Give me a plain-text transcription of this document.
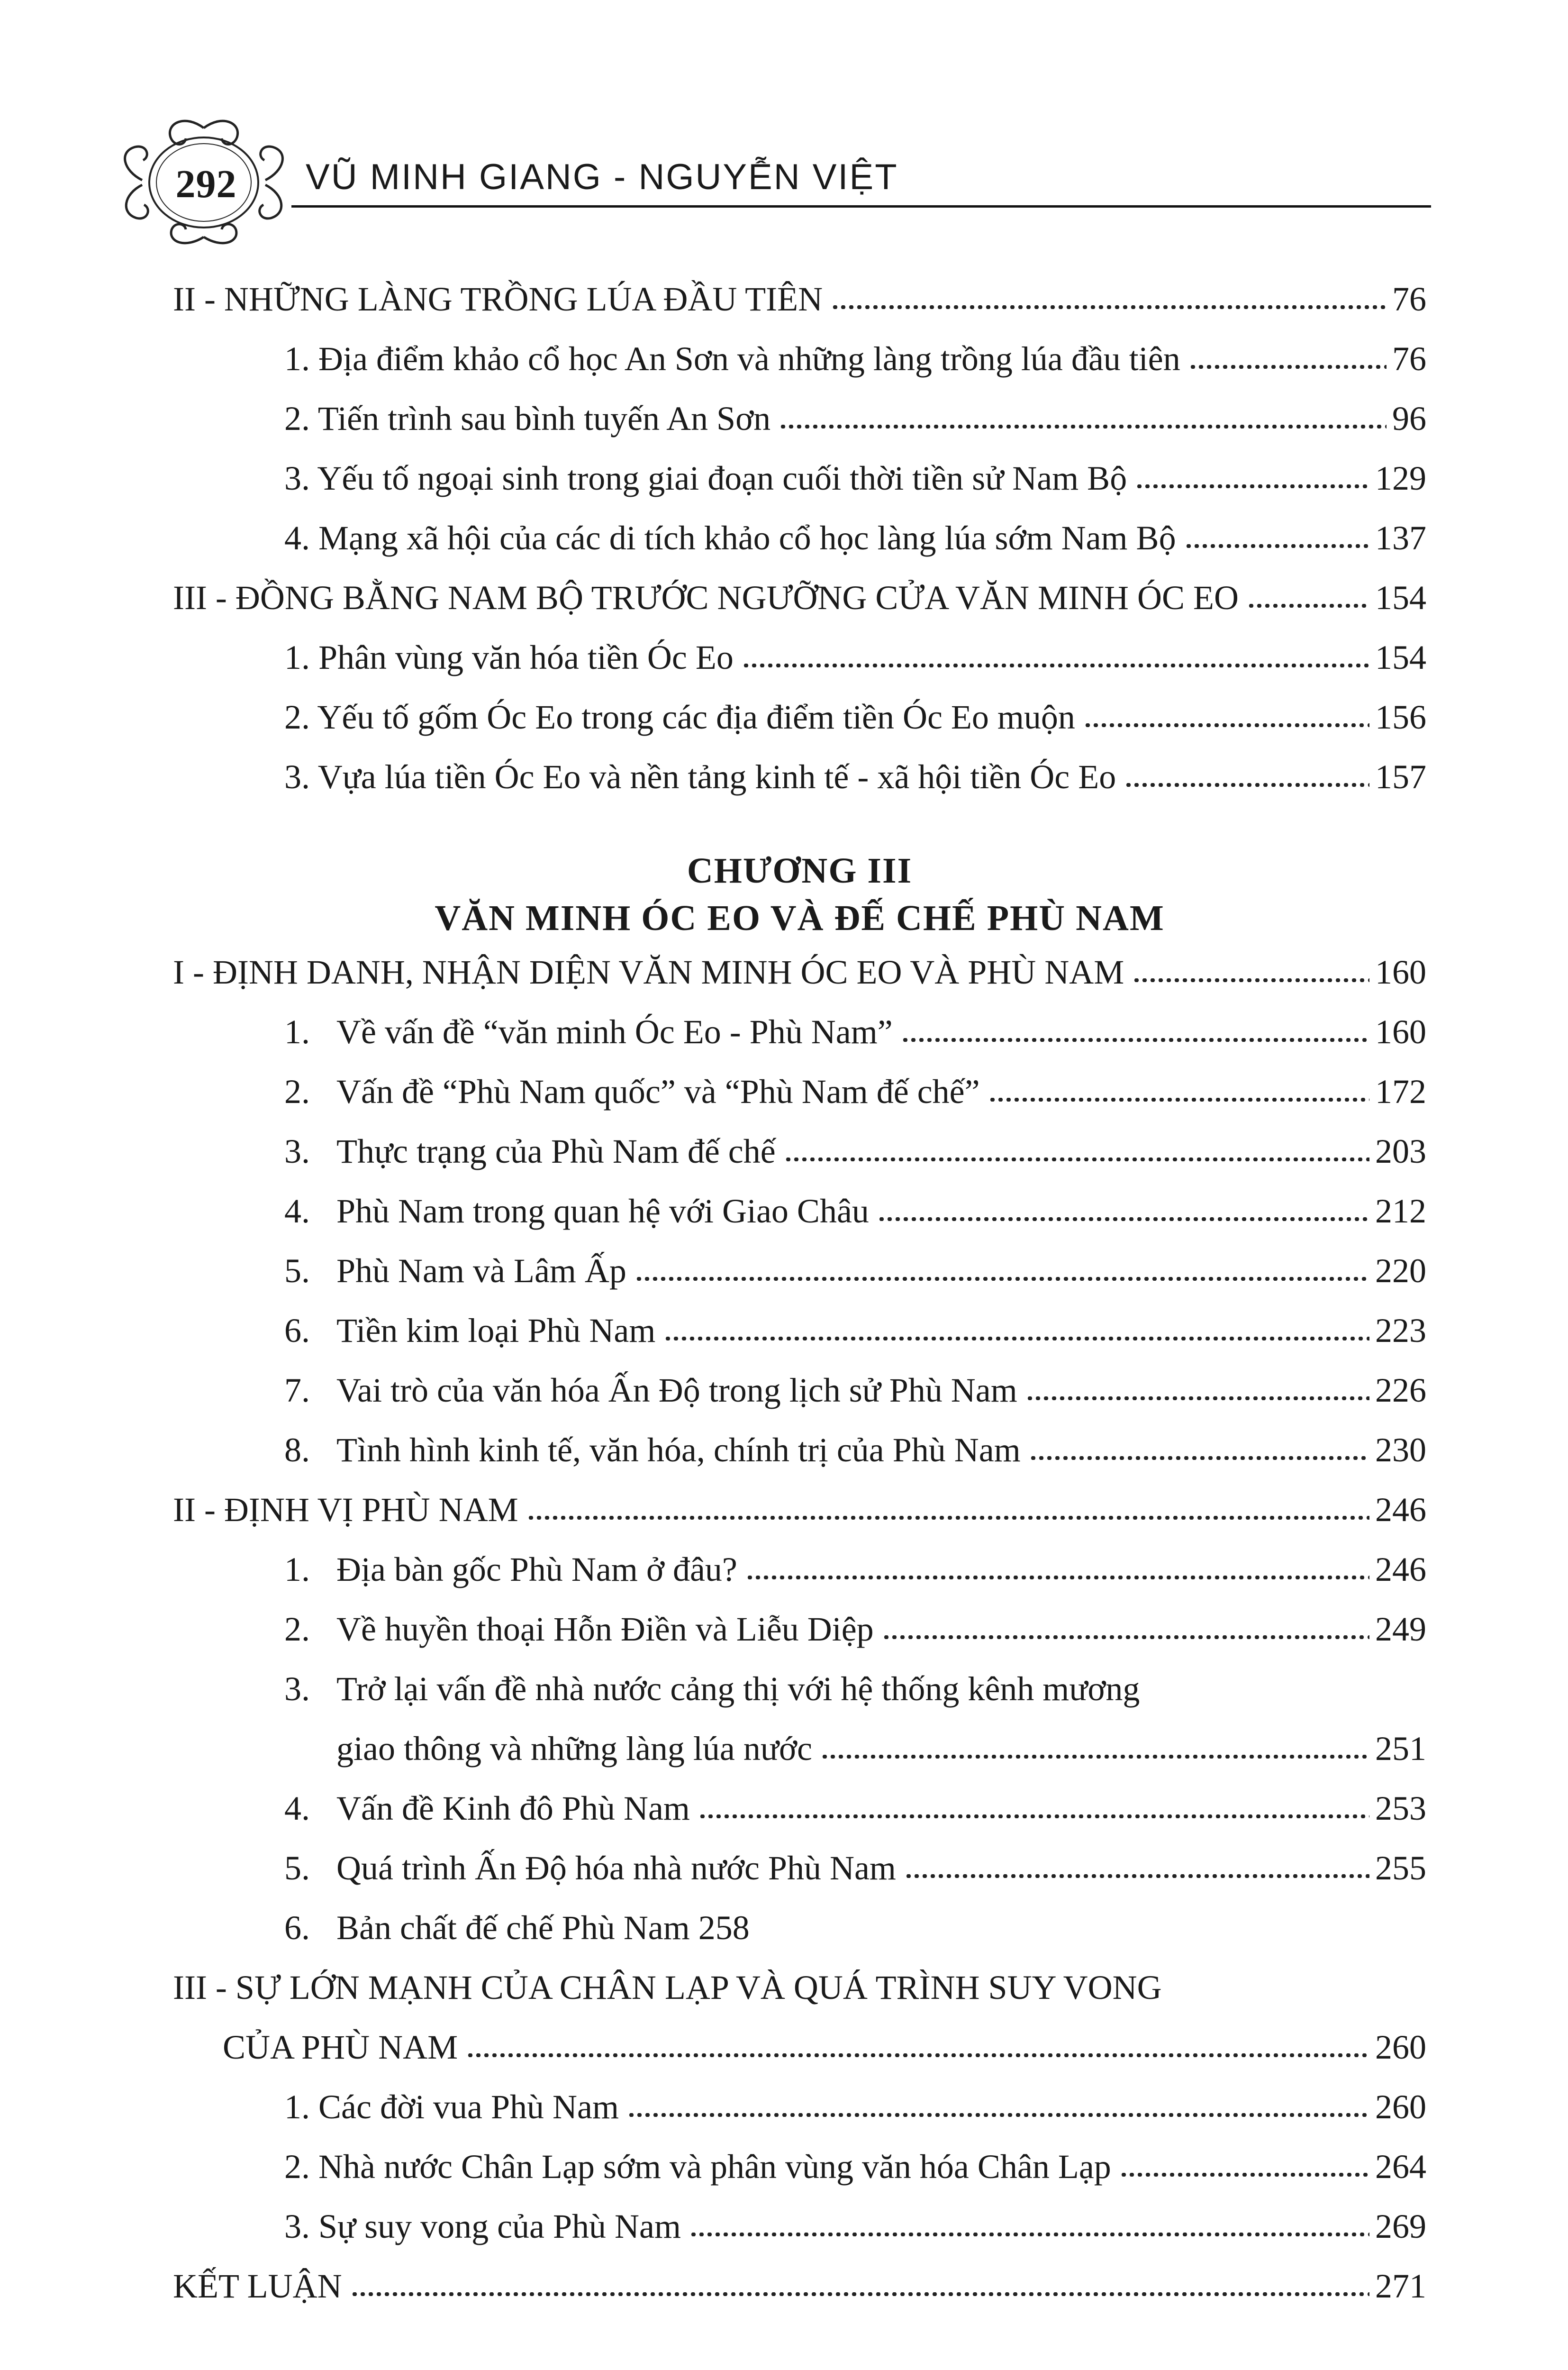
292 VŨ MINH GIANG - NGUYỄN VIỆT
II - NHỮNG LÀNG TRỒNG LÚA ĐẦU TIÊN	76
1. Địa điểm khảo cổ học An Sơn và những làng trồng lúa đầu tiên	76
2. Tiến trình sau bình tuyến An Sơn	96
3. Yếu tố ngoại sinh trong giai đoạn cuối thời tiền sử Nam Bộ	129
4. Mạng xã hội của các di tích khảo cổ học làng lúa sớm Nam Bộ	137
III - ĐỒNG BẰNG NAM BỘ TRƯỚC NGƯỠNG CỬA VĂN MINH ÓC EO	154
1. Phân vùng văn hóa tiền Óc Eo	154
2. Yếu tố gốm Óc Eo trong các địa điểm tiền Óc Eo muộn	156
3. Vựa lúa tiền Óc Eo và nền tảng kinh tế - xã hội tiền Óc Eo	157
CHƯƠNG III
VĂN MINH ÓC EO VÀ ĐẾ CHẾ PHÙ NAM
I - ĐỊNH DANH, NHẬN DIỆN VĂN MINH ÓC EO VÀ PHÙ NAM	160
1. Về vấn đề “văn minh Óc Eo - Phù Nam”	160
2. Vấn đề “Phù Nam quốc” và “Phù Nam đế chế”	172
3. Thực trạng của Phù Nam đế chế	203
4. Phù Nam trong quan hệ với Giao Châu	212
5. Phù Nam và Lâm Ấp	220
6. Tiền kim loại Phù Nam	223
7. Vai trò của văn hóa Ấn Độ trong lịch sử Phù Nam	226
8. Tình hình kinh tế, văn hóa, chính trị của Phù Nam	230
II - ĐỊNH VỊ PHÙ NAM	246
1. Địa bàn gốc Phù Nam ở đâu?	246
2. Về huyền thoại Hỗn Điền và Liễu Diệp	249
3. Trở lại vấn đề nhà nước cảng thị với hệ thống kênh mương
giao thông và những làng lúa nước	251
4. Vấn đề Kinh đô Phù Nam	253
5. Quá trình Ấn Độ hóa nhà nước Phù Nam	255
6. Bản chất đế chế Phù Nam 258
III - SỰ LỚN MẠNH CỦA CHÂN LẠP VÀ QUÁ TRÌNH SUY VONG
CỦA PHÙ NAM	260
1. Các đời vua Phù Nam	260
2. Nhà nước Chân Lạp sớm và phân vùng văn hóa Chân Lạp	264
3. Sự suy vong của Phù Nam	269
KẾT LUẬN	271
